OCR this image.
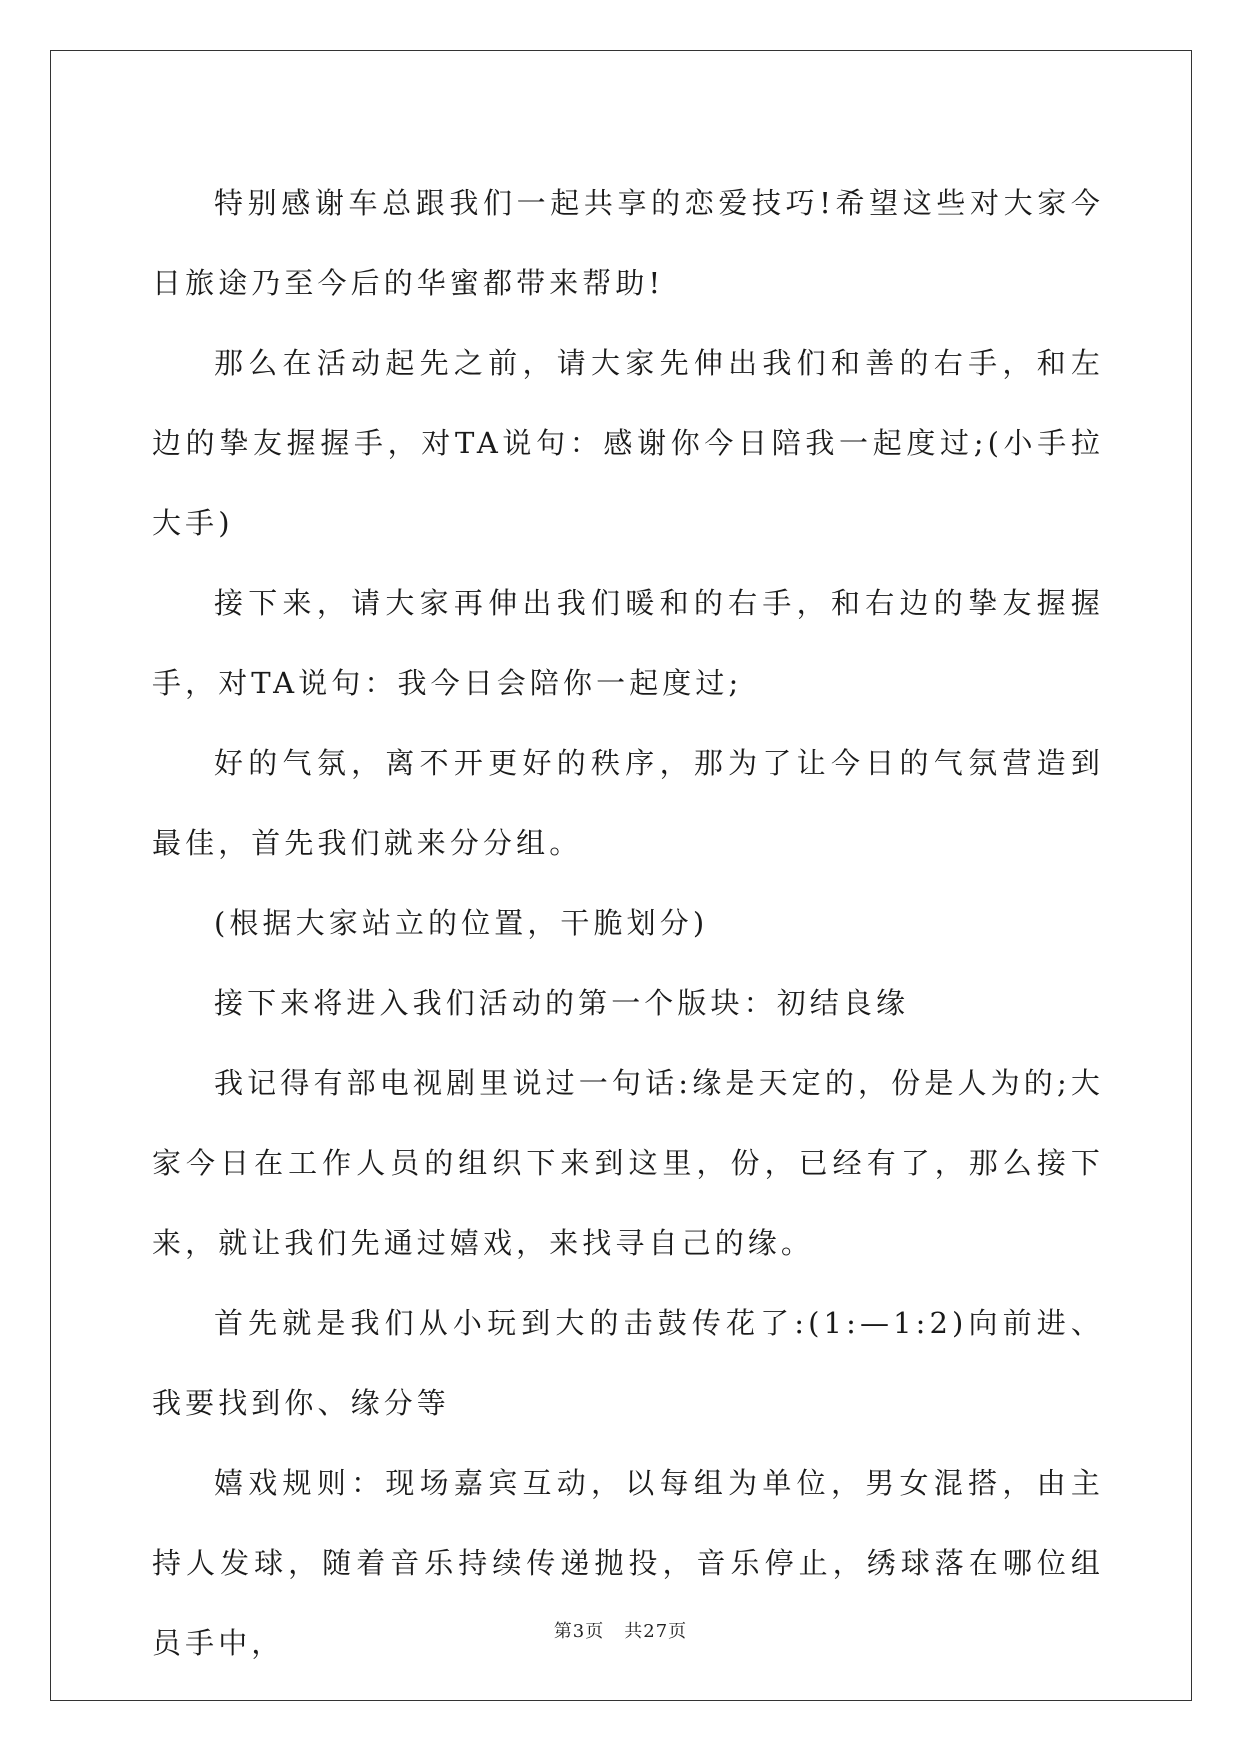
特别感谢车总跟我们一起共享的恋爱技巧!希望这些对大家今日旅途乃至今后的华蜜都带来帮助!

那么在活动起先之前，请大家先伸出我们和善的右手，和左边的挚友握握手，对TA说句：感谢你今日陪我一起度过;(小手拉大手)

接下来，请大家再伸出我们暖和的右手，和右边的挚友握握手，对TA说句：我今日会陪你一起度过;

好的气氛，离不开更好的秩序，那为了让今日的气氛营造到最佳，首先我们就来分分组。

(根据大家站立的位置，干脆划分)

接下来将进入我们活动的第一个版块：初结良缘

我记得有部电视剧里说过一句话:缘是天定的，份是人为的;大家今日在工作人员的组织下来到这里，份，已经有了，那么接下来，就让我们先通过嬉戏，来找寻自己的缘。

首先就是我们从小玩到大的击鼓传花了:(1:—1:2)向前进、我要找到你、缘分等

嬉戏规则：现场嘉宾互动，以每组为单位，男女混搭，由主持人发球，随着音乐持续传递抛投，音乐停止，绣球落在哪位组员手中，	第3页 共27页
